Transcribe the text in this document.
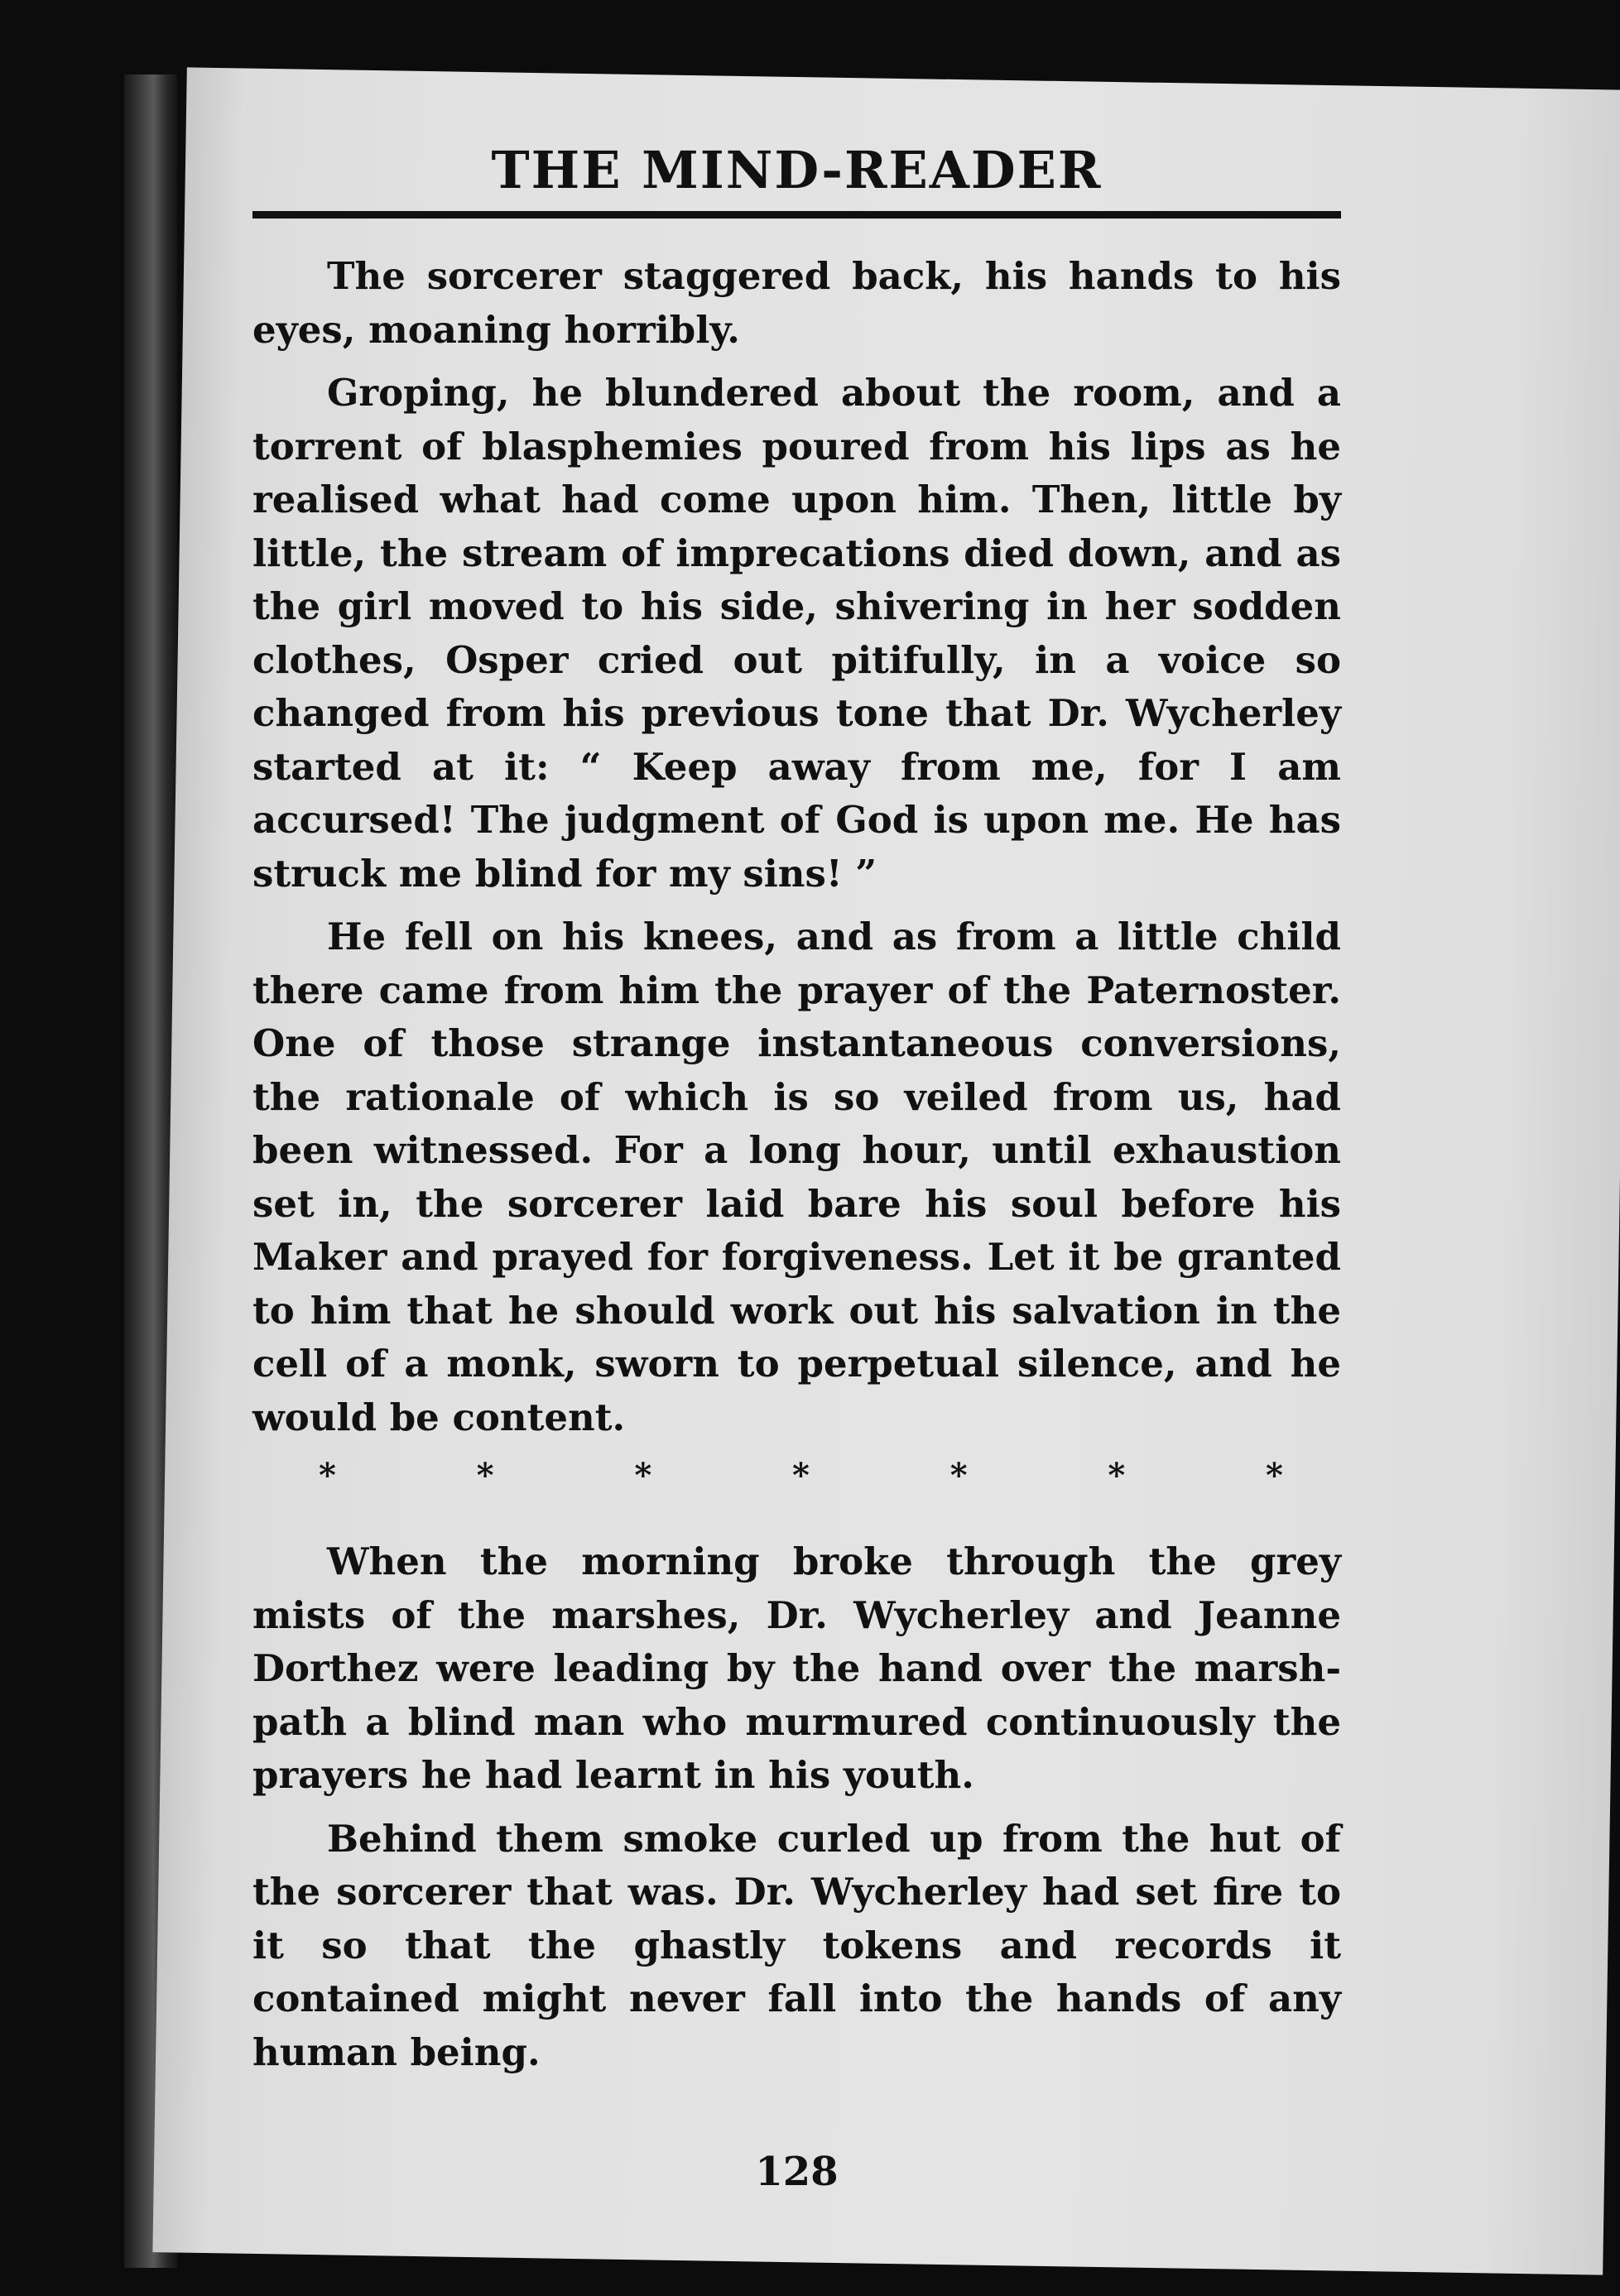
THE MIND-READER

The sorcerer staggered back, his hands to his eyes, moaning horribly.

Groping, he blundered about the room, and a torrent of blasphemies poured from his lips as he realised what had come upon him. Then, little by little, the stream of imprecations died down, and as the girl moved to his side, shivering in her sodden clothes, Osper cried out pitifully, in a voice so changed from his previous tone that Dr. Wycherley started at it: “ Keep away from me, for I am accursed! The judgment of God is upon me. He has struck me blind for my sins! ”

He fell on his knees, and as from a little child there came from him the prayer of the Paternoster. One of those strange instantaneous conversions, the rationale of which is so veiled from us, had been witnessed. For a long hour, until exhaustion set in, the sorcerer laid bare his soul before his Maker and prayed for forgiveness. Let it be granted to him that he should work out his salvation in the cell of a monk, sworn to perpetual silence, and he would be content.

*	*	*	*	*	*	*

When the morning broke through the grey mists of the marshes, Dr. Wycherley and Jeanne Dorthez were leading by the hand over the marsh-path a blind man who murmured continuously the prayers he had learnt in his youth.

Behind them smoke curled up from the hut of the sorcerer that was. Dr. Wycherley had set fire to it so that the ghastly tokens and records it contained might never fall into the hands of any human being.

128
